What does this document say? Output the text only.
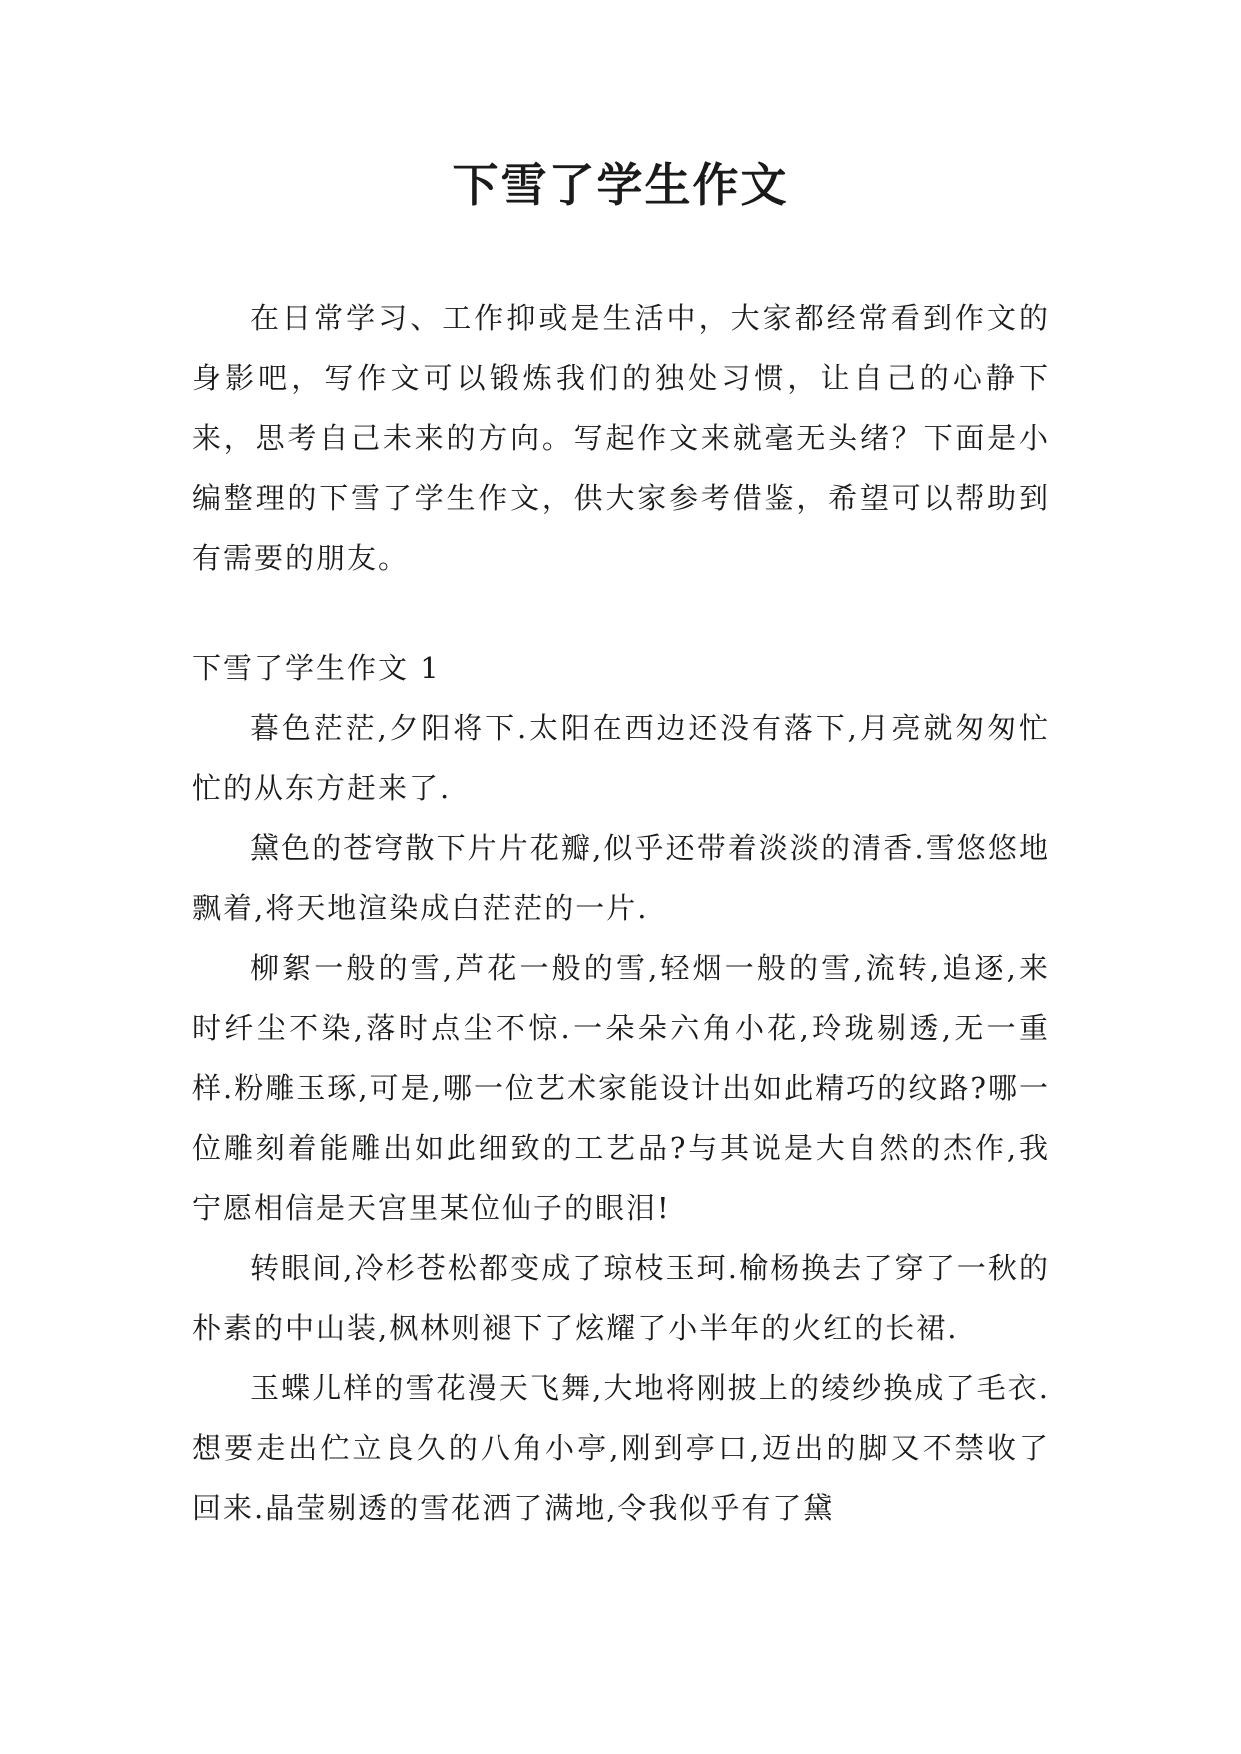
下雪了学生作文

在日常学习、工作抑或是生活中，大家都经常看到作文的身影吧，写作文可以锻炼我们的独处习惯，让自己的心静下来，思考自己未来的方向。写起作文来就毫无头绪？下面是小编整理的下雪了学生作文，供大家参考借鉴，希望可以帮助到有需要的朋友。

下雪了学生作文 1

暮色茫茫,夕阳将下.太阳在西边还没有落下,月亮就匆匆忙忙的从东方赶来了.

黛色的苍穹散下片片花瓣,似乎还带着淡淡的清香.雪悠悠地飘着,将天地渲染成白茫茫的一片.

柳絮一般的雪,芦花一般的雪,轻烟一般的雪,流转,追逐,来时纤尘不染,落时点尘不惊.一朵朵六角小花,玲珑剔透,无一重样.粉雕玉琢,可是,哪一位艺术家能设计出如此精巧的纹路?哪一位雕刻着能雕出如此细致的工艺品?与其说是大自然的杰作,我宁愿相信是天宫里某位仙子的眼泪!

转眼间,冷杉苍松都变成了琼枝玉珂.榆杨换去了穿了一秋的朴素的中山装,枫林则褪下了炫耀了小半年的火红的长裙.

玉蝶儿样的雪花漫天飞舞,大地将刚披上的绫纱换成了毛衣.想要走出伫立良久的八角小亭,刚到亭口,迈出的脚又不禁收了回来.晶莹剔透的雪花洒了满地,令我似乎有了黛
